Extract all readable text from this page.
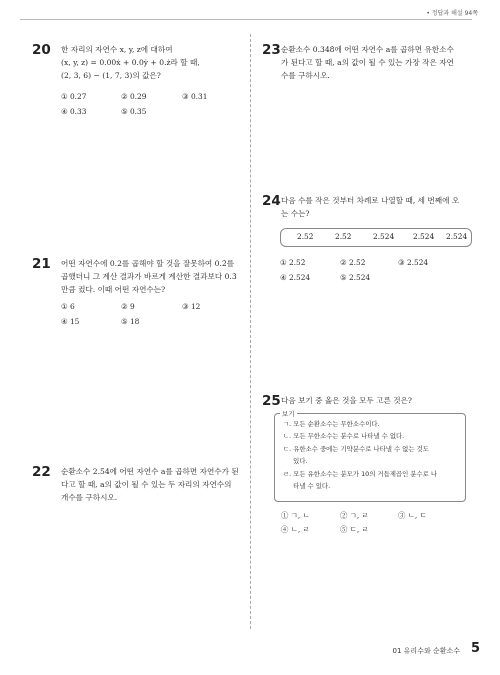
• 정답과 해설 94쪽
20 한 자리의 자연수 x, y, z에 대하여
(x, y, z) = 0.00ẋ + 0.0ẏ + 0.ż라 할 때,
(2, 3, 6) − (1, 7, 3)의 값은?
① 0.27	② 0.29	③ 0.31
④ 0.33	⑤ 0.35
21 어떤 자연수에 0.2를 곱해야 할 것을 잘못하여 0.2̇를
곱했더니 그 계산 결과가 바르게 계산한 결과보다 0.3̇
만큼 컸다. 이때 어떤 자연수는?
① 6	② 9	③ 12
④ 15	⑤ 18
22 순환소수 2.5̇4̇에 어떤 자연수 a를 곱하면 자연수가 된
다고 할 때, a의 값이 될 수 있는 두 자리의 자연수의
개수를 구하시오.
23 순환소수 0.34̇8̇에 어떤 자연수 a를 곱하면 유한소수
가 된다고 할 때, a의 값이 될 수 있는 가장 작은 자연
수를 구하시오.
24 다음 수를 작은 것부터 차례로 나열할 때, 세 번째에 오
는 수는?
2.52̇	2.5̇2̇	2.524̇	2.5̇24̇ 2.52̇4̇
① 2.52̇	② 2.5̇2̇	③ 2.52̇4̇
④ 2.524̇	⑤ 2.5̇24̇
25 다음 보기 중 옳은 것을 모두 고른 것은?
보기
ㄱ. 모든 순환소수는 무한소수이다.
ㄴ. 모든 무한소수는 분수로 나타낼 수 없다.
ㄷ. 유한소수 중에는 기약분수로 나타낼 수 없는 것도
있다.
ㄹ. 모든 유한소수는 분모가 10의 거듭제곱인 분수로 나
타낼 수 있다.
① ㄱ, ㄴ	② ㄱ, ㄹ	③ ㄴ, ㄷ
④ ㄴ, ㄹ	⑤ ㄷ, ㄹ
01 유리수와 순환소수 5
